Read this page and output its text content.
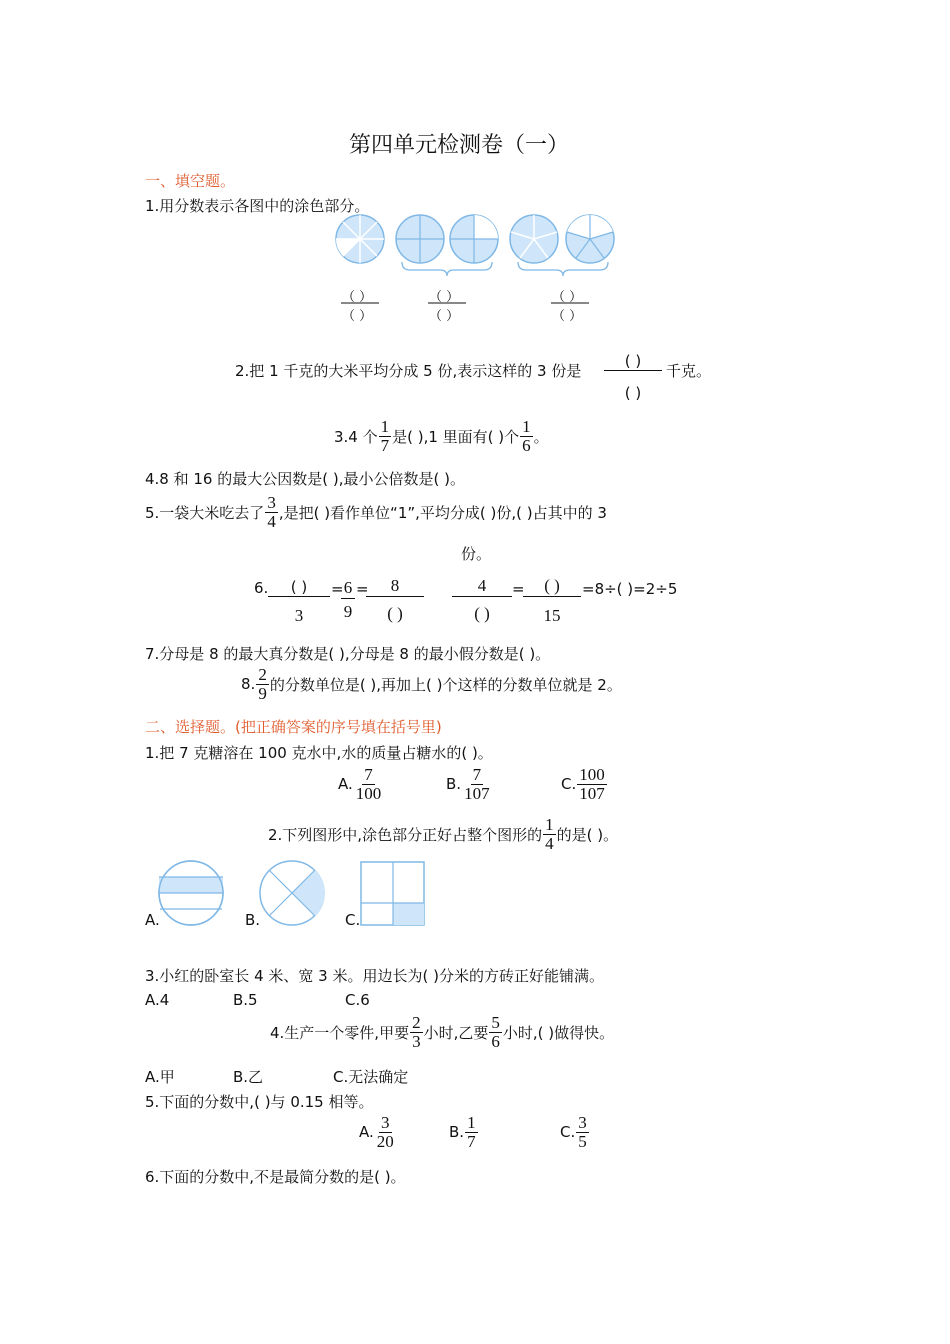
第四单元检测卷（一）
一、填空题。
1.用分数表示各图中的涂色部分。
（ ）
（ ）
（ ）
（ ）
（ ）
（ ）
2.把 1 千克的大米平均分成 5 份,表示这样的 3 份是
( )
( )
千克。
3.4 个 $\frac{1}{7}$ 是( ),1 里面有( )个 $\frac{1}{6}$ 。
4.8 和 16 的最大公因数是( ),最小公倍数是( )。
5.一袋大米吃去了 $\frac{3}{4}$ ,是把( )看作单位“1”,平均分成( )份,( )占其中的 3
份。
6.	( )
3
= 6
9
=	8
( )
4
( )
=	( )
15
=8÷( )=2÷5
7.分母是 8 的最大真分数是( ),分母是 8 的最小假分数是( )。
8. $\frac{2}{9}$ 的分数单位是( ),再加上( )个这样的分数单位就是 2。
二、选择题。(把正确答案的序号填在括号里)
1.把 7 克糖溶在 100 克水中,水的质量占糖水的( )。
A. $\frac{7}{100}$	B. $\frac{7}{107}$	C. $\frac{100}{107}$
2.下列图形中,涂色部分正好占整个图形的 $\frac{1}{4}$ 的是( )。
A.	B.	C.
3.小红的卧室长 4 米、宽 3 米。用边长为( )分米的方砖正好能铺满。
A.4	B.5	C.6
4.生产一个零件,甲要 $\frac{2}{3}$ 小时,乙要 $\frac{5}{6}$ 小时,( )做得快。
A.甲	B.乙	C.无法确定
5.下面的分数中,( )与 0.15 相等。
A. $\frac{3}{20}$	B. $\frac{1}{7}$	C. $\frac{3}{5}$
6.下面的分数中,不是最简分数的是( )。
